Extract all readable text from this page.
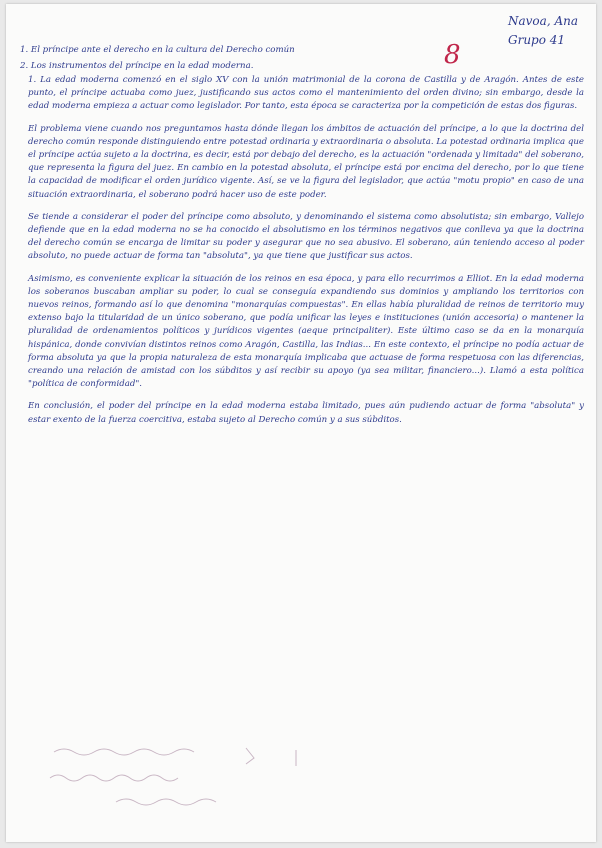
Navoa, Ana
Grupo 41
8
1. El príncipe ante el derecho en la cultura del Derecho común
2. Los instrumentos del príncipe en la edad moderna.

1. La edad moderna comenzó en el siglo XV con la unión matrimonial de la corona de Castilla y de Aragón. Antes de este punto, el príncipe actuaba como juez, justificando sus actos como el mantenimiento del orden divino; sin embargo, desde la edad moderna empieza a actuar como legislador. Por tanto, esta época se caracteriza por la competición de estas dos figuras.

El problema viene cuando nos preguntamos hasta dónde llegan los ámbitos de actuación del príncipe, a lo que la doctrina del derecho común responde distinguiendo entre potestad ordinaria y extraordinaria o absoluta. La potestad ordinaria implica que el príncipe actúa sujeto a la doctrina, es decir, está por debajo del derecho, es la actuación "ordenada y limitada" del soberano, que representa la figura del juez. En cambio en la potestad absoluta, el príncipe está por encima del derecho, por lo que tiene la capacidad de modificar el orden jurídico vigente. Así, se ve la figura del legislador, que actúa "motu propio" en caso de una situación extraordinaria, el soberano podrá hacer uso de este poder.

Se tiende a considerar el poder del príncipe como absoluto, y denominando el sistema como absolutista; sin embargo, Vallejo defiende que en la edad moderna no se ha conocido el absolutismo en los términos negativos que conlleva ya que la doctrina del derecho común se encarga de limitar su poder y asegurar que no sea abusivo. El soberano, aún teniendo acceso al poder absoluto, no puede actuar de forma tan "absoluta", ya que tiene que justificar sus actos.

Asimismo, es conveniente explicar la situación de los reinos en esa época, y para ello recurrimos a Elliot. En la edad moderna los soberanos buscaban ampliar su poder, lo cual se conseguía expandiendo sus dominios y ampliando los territorios con nuevos reinos, formando así lo que denomina "monarquías compuestas". En ellas había pluralidad de reinos de territorio muy extenso bajo la titularidad de un único soberano, que podía unificar las leyes e instituciones (unión accesoria) o mantener la pluralidad de ordenamientos políticos y jurídicos vigentes (aeque principaliter). Este último caso se da en la monarquía hispánica, donde convivían distintos reinos como Aragón, Castilla, las Indias... En este contexto, el príncipe no podía actuar de forma absoluta ya que la propia naturaleza de esta monarquía implicaba que actuase de forma respetuosa con las diferencias, creando una relación de amistad con los súbditos y así recibir su apoyo (ya sea militar, financiero...). Llamó a esta política "política de conformidad".

En conclusión, el poder del príncipe en la edad moderna estaba limitado, pues aún pudiendo actuar de forma "absoluta" y estar exento de la fuerza coercitiva, estaba sujeto al Derecho común y a sus súbditos.
